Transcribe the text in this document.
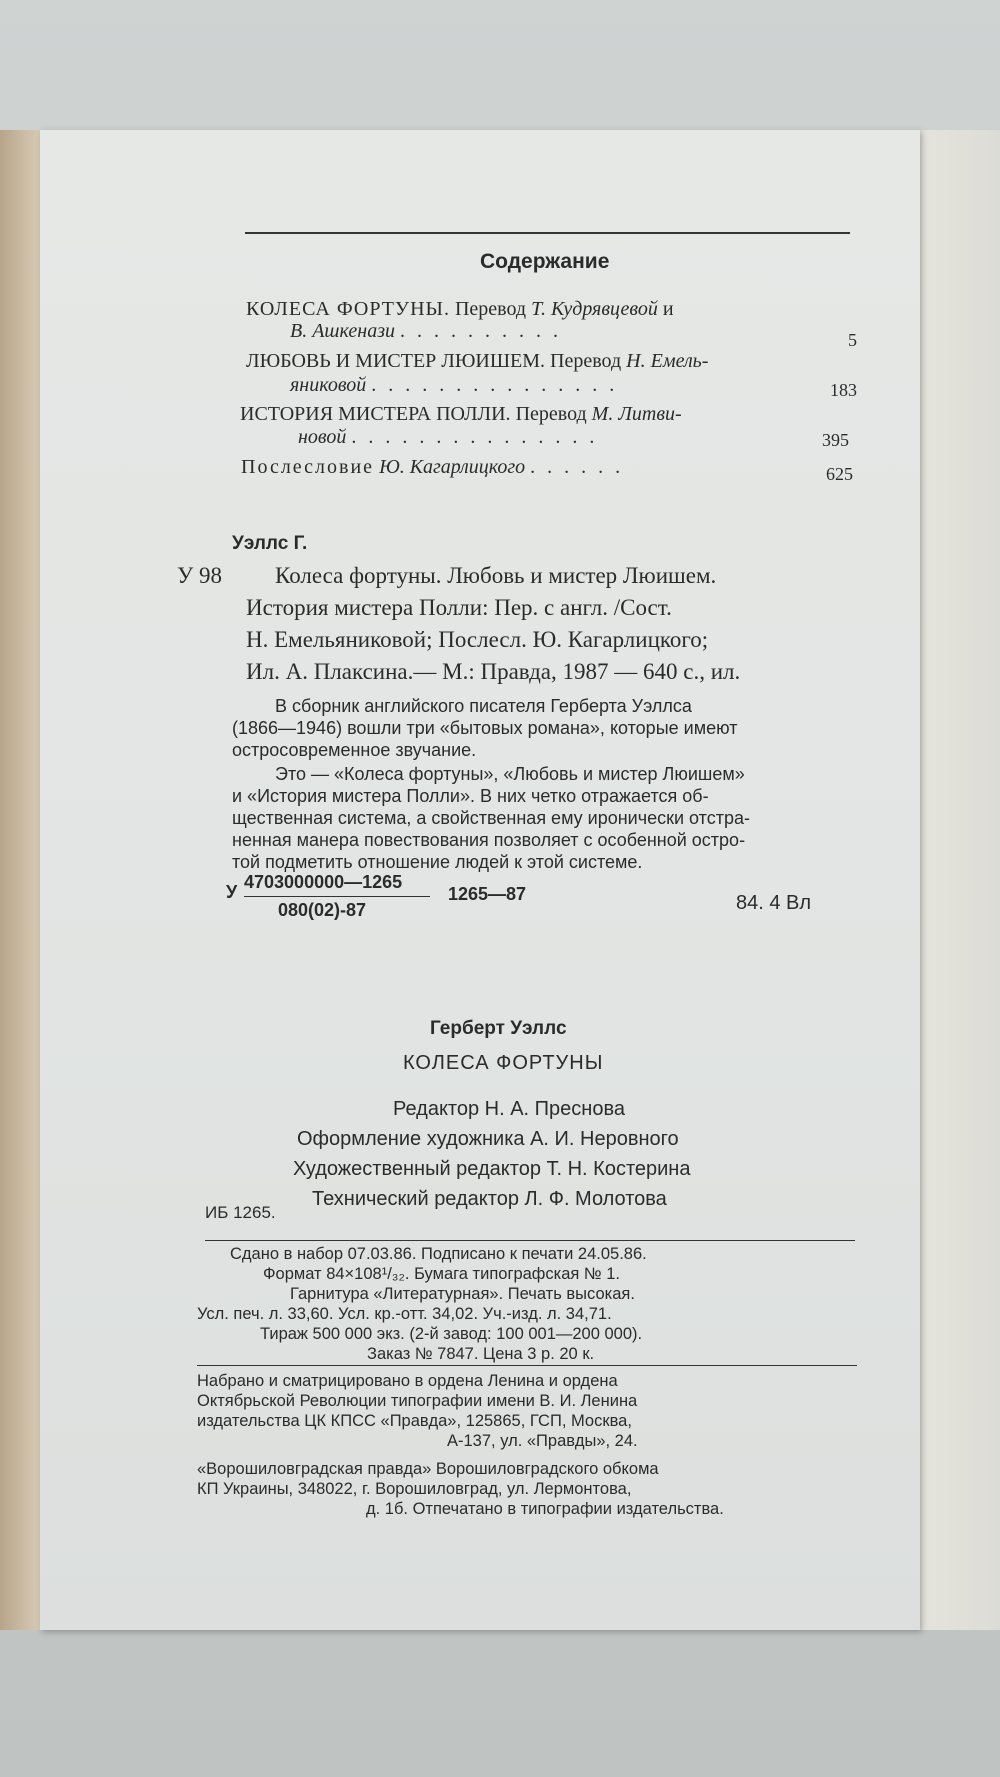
Содержание
КОЛЕСА ФОРТУНЫ. Перевод Т. Кудрявцевой и
В. Ашкенази ..........	5
ЛЮБОВЬ И МИСТЕР ЛЮИШЕМ. Перевод Н. Емель-
яниковой ...............	183
ИСТОРИЯ МИСТЕРА ПОЛЛИ. Перевод М. Литви-
новой ...............	395
Послесловие Ю. Кагарлицкого ......	625
Уэллс Г.
У 98 Колеса фортуны. Любовь и мистер Люишем.
История мистера Полли: Пер. с англ. /Сост.
Н. Емельяниковой; Послесл. Ю. Кагарлицкого;
Ил. А. Плаксина.— М.: Правда, 1987 — 640 с., ил.
В сборник английского писателя Герберта Уэллса
(1866—1946) вошли три «бытовых романа», которые имеют
остросовременное звучание.
Это — «Колеса фортуны», «Любовь и мистер Люишем»
и «История мистера Полли». В них четко отражается об-
щественная система, а свойственная ему иронически отстра-
ненная манера повествования позволяет с особенной остро-
той подметить отношение людей к этой системе.
У 4703000000—1265
080(02)-87
1265—87	84. 4 Вл
Герберт Уэллс
КОЛЕСА ФОРТУНЫ
Редактор Н. А. Преснова
Оформление художника А. И. Неровного
Художественный редактор Т. Н. Костерина
Технический редактор Л. Ф. Молотова
ИБ 1265.
Сдано в набор 07.03.86. Подписано к печати 24.05.86.
Формат 84×108¹/₃₂. Бумага типографская № 1.
Гарнитура «Литературная». Печать высокая.
Усл. печ. л. 33,60. Усл. кр.-отт. 34,02. Уч.-изд. л. 34,71.
Тираж 500 000 экз. (2-й завод: 100 001—200 000).
Заказ № 7847. Цена 3 р. 20 к.
Набрано и сматрицировано в ордена Ленина и ордена
Октябрьской Революции типографии имени В. И. Ленина
издательства ЦК КПСС «Правда», 125865, ГСП, Москва,
А-137, ул. «Правды», 24.
«Ворошиловградская правда» Ворошиловградского обкома
КП Украины, 348022, г. Ворошиловград, ул. Лермонтова,
д. 1б. Отпечатано в типографии издательства.
